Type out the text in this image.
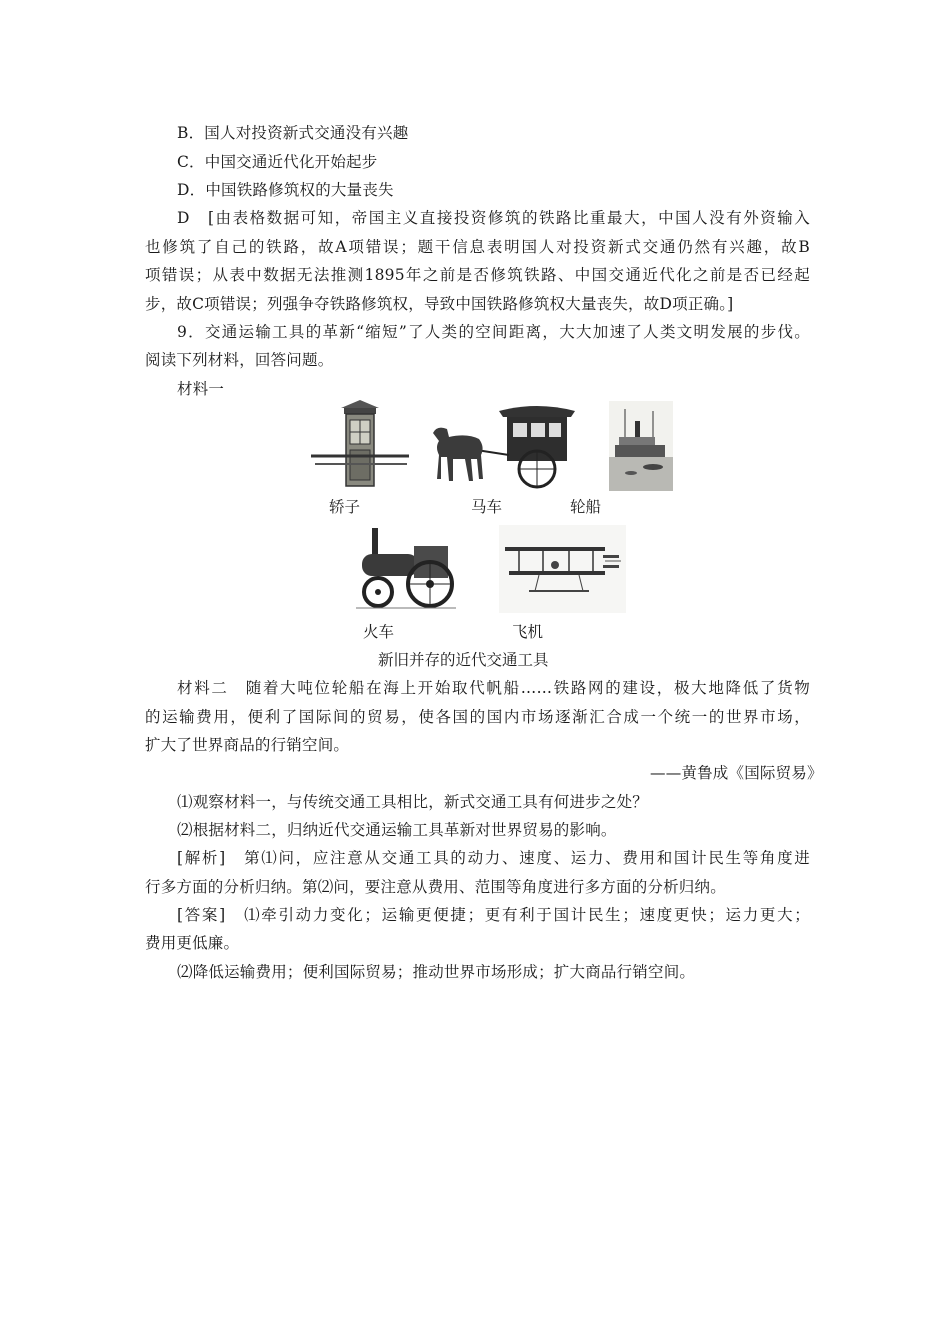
B．国人对投资新式交通没有兴趣
C．中国交通近代化开始起步
D．中国铁路修筑权的大量丧失
D　[由表格数据可知，帝国主义直接投资修筑的铁路比重最大，中国人没有外资输入
也修筑了自己的铁路，故A项错误；题干信息表明国人对投资新式交通仍然有兴趣，故B
项错误；从表中数据无法推测1895年之前是否修筑铁路、中国交通近代化之前是否已经起
步，故C项错误；列强争夺铁路修筑权，导致中国铁路修筑权大量丧失，故D项正确。]
9．交通运输工具的革新“缩短”了人类的空间距离，大大加速了人类文明发展的步伐。
阅读下列材料，回答问题。
材料一
轿子	马车	轮船
火车	飞机
新旧并存的近代交通工具
材料二　随着大吨位轮船在海上开始取代帆船……铁路网的建设，极大地降低了货物
的运输费用，便利了国际间的贸易，使各国的国内市场逐渐汇合成一个统一的世界市场，
扩大了世界商品的行销空间。
——黄鲁成《国际贸易》
⑴观察材料一，与传统交通工具相比，新式交通工具有何进步之处？
⑵根据材料二，归纳近代交通运输工具革新对世界贸易的影响。
[解析]　第⑴问，应注意从交通工具的动力、速度、运力、费用和国计民生等角度进
行多方面的分析归纳。第⑵问，要注意从费用、范围等角度进行多方面的分析归纳。
[答案]　⑴牵引动力变化；运输更便捷；更有利于国计民生；速度更快；运力更大；
费用更低廉。
⑵降低运输费用；便利国际贸易；推动世界市场形成；扩大商品行销空间。
